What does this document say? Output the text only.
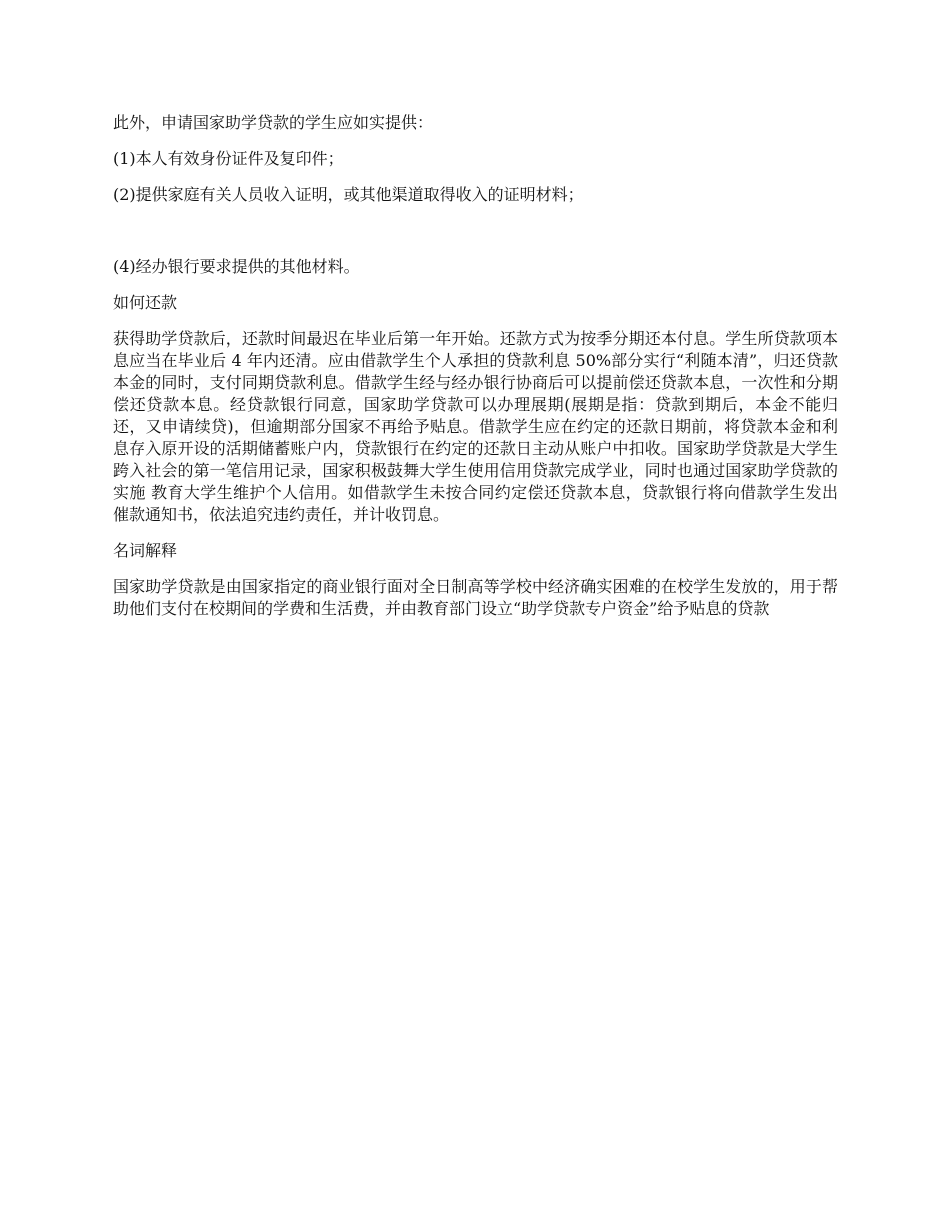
此外，申请国家助学贷款的学生应如实提供：

(1)本人有效身份证件及复印件；

(2)提供家庭有关人员收入证明，或其他渠道取得收入的证明材料；

(4)经办银行要求提供的其他材料。

如何还款

获得助学贷款后，还款时间最迟在毕业后第一年开始。还款方式为按季分期还本付息。学生所贷款项本息应当在毕业后 4 年内还清。应由借款学生个人承担的贷款利息 50%部分实行“利随本清”，归还贷款本金的同时，支付同期贷款利息。借款学生经与经办银行协商后可以提前偿还贷款本息，一次性和分期偿还贷款本息。经贷款银行同意，国家助学贷款可以办理展期(展期是指：贷款到期后，本金不能归还，又申请续贷)，但逾期部分国家不再给予贴息。借款学生应在约定的还款日期前，将贷款本金和利息存入原开设的活期储蓄账户内，贷款银行在约定的还款日主动从账户中扣收。国家助学贷款是大学生跨入社会的第一笔信用记录，国家积极鼓舞大学生使用信用贷款完成学业，同时也通过国家助学贷款的实施 教育大学生维护个人信用。如借款学生未按合同约定偿还贷款本息，贷款银行将向借款学生发出催款通知书，依法追究违约责任，并计收罚息。

名词解释

国家助学贷款是由国家指定的商业银行面对全日制高等学校中经济确实困难的在校学生发放的，用于帮助他们支付在校期间的学费和生活费，并由教育部门设立“助学贷款专户资金”给予贴息的贷款
